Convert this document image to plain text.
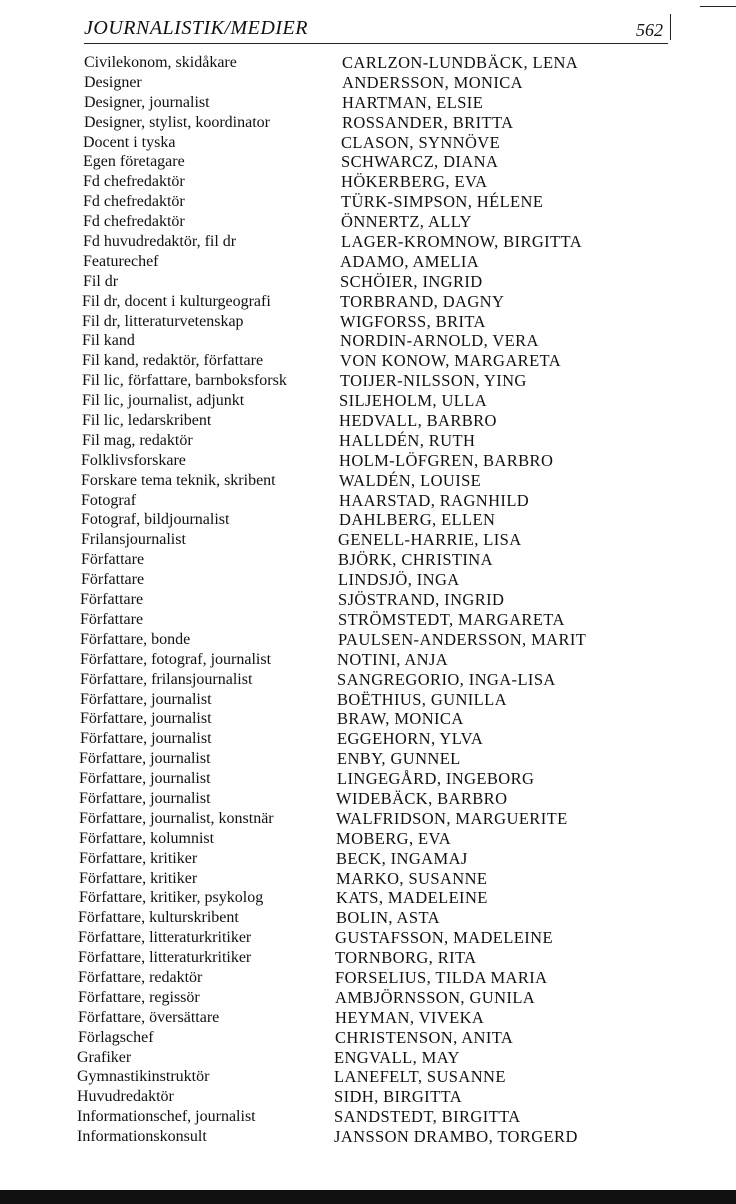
JOURNALISTIK/MEDIER	562
Civilekonom, skidåkare	CARLZON-LUNDBÄCK, LENA
Designer	ANDERSSON, MONICA
Designer, journalist	HARTMAN, ELSIE
Designer, stylist, koordinator	ROSSANDER, BRITTA
Docent i tyska	CLASON, SYNNÖVE
Egen företagare	SCHWARCZ, DIANA
Fd chefredaktör	HÖKERBERG, EVA
Fd chefredaktör	TÜRK-SIMPSON, HÉLENE
Fd chefredaktör	ÖNNERTZ, ALLY
Fd huvudredaktör, fil dr	LAGER-KROMNOW, BIRGITTA
Featurechef	ADAMO, AMELIA
Fil dr	SCHÖIER, INGRID
Fil dr, docent i kulturgeografi	TORBRAND, DAGNY
Fil dr, litteraturvetenskap	WIGFORSS, BRITA
Fil kand	NORDIN-ARNOLD, VERA
Fil kand, redaktör, författare	VON KONOW, MARGARETA
Fil lic, författare, barnboksforsk	TOIJER-NILSSON, YING
Fil lic, journalist, adjunkt	SILJEHOLM, ULLA
Fil lic, ledarskribent	HEDVALL, BARBRO
Fil mag, redaktör	HALLDÉN, RUTH
Folklivsforskare	HOLM-LÖFGREN, BARBRO
Forskare tema teknik, skribent	WALDÉN, LOUISE
Fotograf	HAARSTAD, RAGNHILD
Fotograf, bildjournalist	DAHLBERG, ELLEN
Frilansjournalist	GENELL-HARRIE, LISA
Författare	BJÖRK, CHRISTINA
Författare	LINDSJÖ, INGA
Författare	SJÖSTRAND, INGRID
Författare	STRÖMSTEDT, MARGARETA
Författare, bonde	PAULSEN-ANDERSSON, MARIT
Författare, fotograf, journalist	NOTINI, ANJA
Författare, frilansjournalist	SANGREGORIO, INGA-LISA
Författare, journalist	BOËTHIUS, GUNILLA
Författare, journalist	BRAW, MONICA
Författare, journalist	EGGEHORN, YLVA
Författare, journalist	ENBY, GUNNEL
Författare, journalist	LINGEGÅRD, INGEBORG
Författare, journalist	WIDEBÄCK, BARBRO
Författare, journalist, konstnär	WALFRIDSON, MARGUERITE
Författare, kolumnist	MOBERG, EVA
Författare, kritiker	BECK, INGAMAJ
Författare, kritiker	MARKO, SUSANNE
Författare, kritiker, psykolog	KATS, MADELEINE
Författare, kulturskribent	BOLIN, ASTA
Författare, litteraturkritiker	GUSTAFSSON, MADELEINE
Författare, litteraturkritiker	TORNBORG, RITA
Författare, redaktör	FORSELIUS, TILDA MARIA
Författare, regissör	AMBJÖRNSSON, GUNILA
Författare, översättare	HEYMAN, VIVEKA
Förlagschef	CHRISTENSON, ANITA
Grafiker	ENGVALL, MAY
Gymnastikinstruktör	LANEFELT, SUSANNE
Huvudredaktör	SIDH, BIRGITTA
Informationschef, journalist	SANDSTEDT, BIRGITTA
Informationskonsult	JANSSON DRAMBO, TORGERD
